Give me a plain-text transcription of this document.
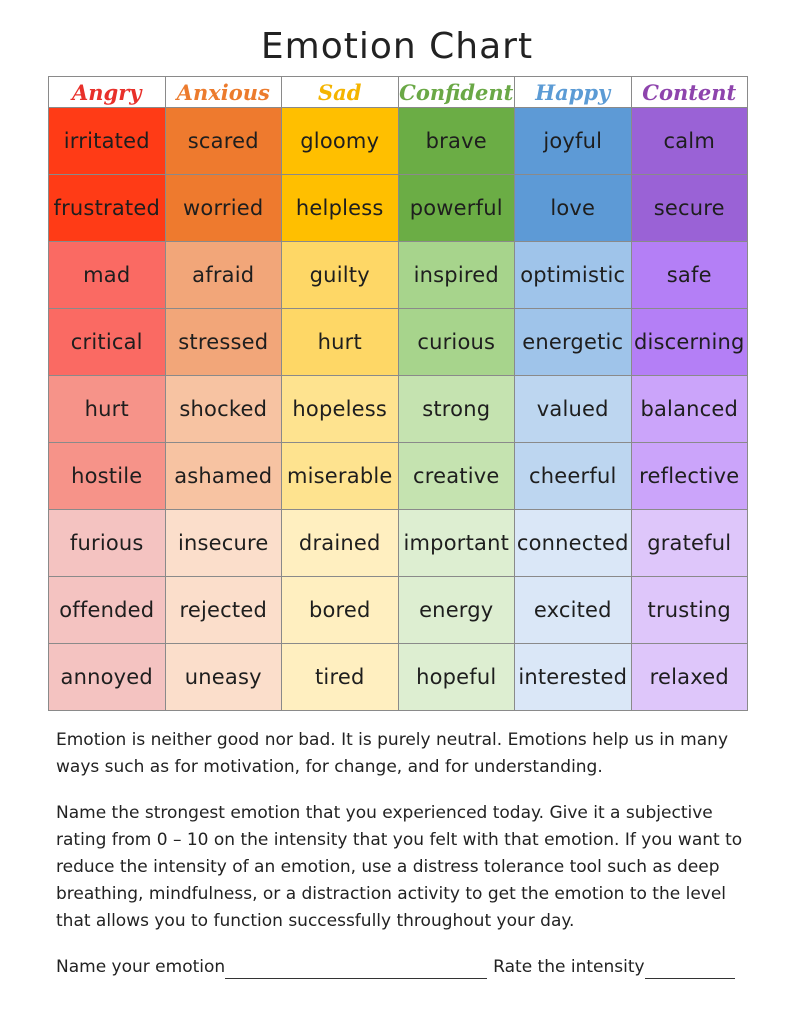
Emotion Chart
Angry	Anxious	Sad	Confident	Happy	Content
irritated	scared	gloomy	brave	joyful	calm
frustrated	worried	helpless	powerful	love	secure
mad	afraid	guilty	inspired	optimistic	safe
critical	stressed	hurt	curious	energetic	discerning
hurt	shocked	hopeless	strong	valued	balanced
hostile	ashamed	miserable	creative	cheerful	reflective
furious	insecure	drained	important	connected	grateful
offended	rejected	bored	energy	excited	trusting
annoyed	uneasy	tired	hopeful	interested	relaxed

Emotion is neither good nor bad. It is purely neutral. Emotions help us in many ways such as for motivation, for change, and for understanding.

Name the strongest emotion that you experienced today. Give it a subjective rating from 0 – 10 on the intensity that you felt with that emotion. If you want to reduce the intensity of an emotion, use a distress tolerance tool such as deep breathing, mindfulness, or a distraction activity to get the emotion to the level that allows you to function successfully throughout your day.

Name your emotion	Rate the intensity
